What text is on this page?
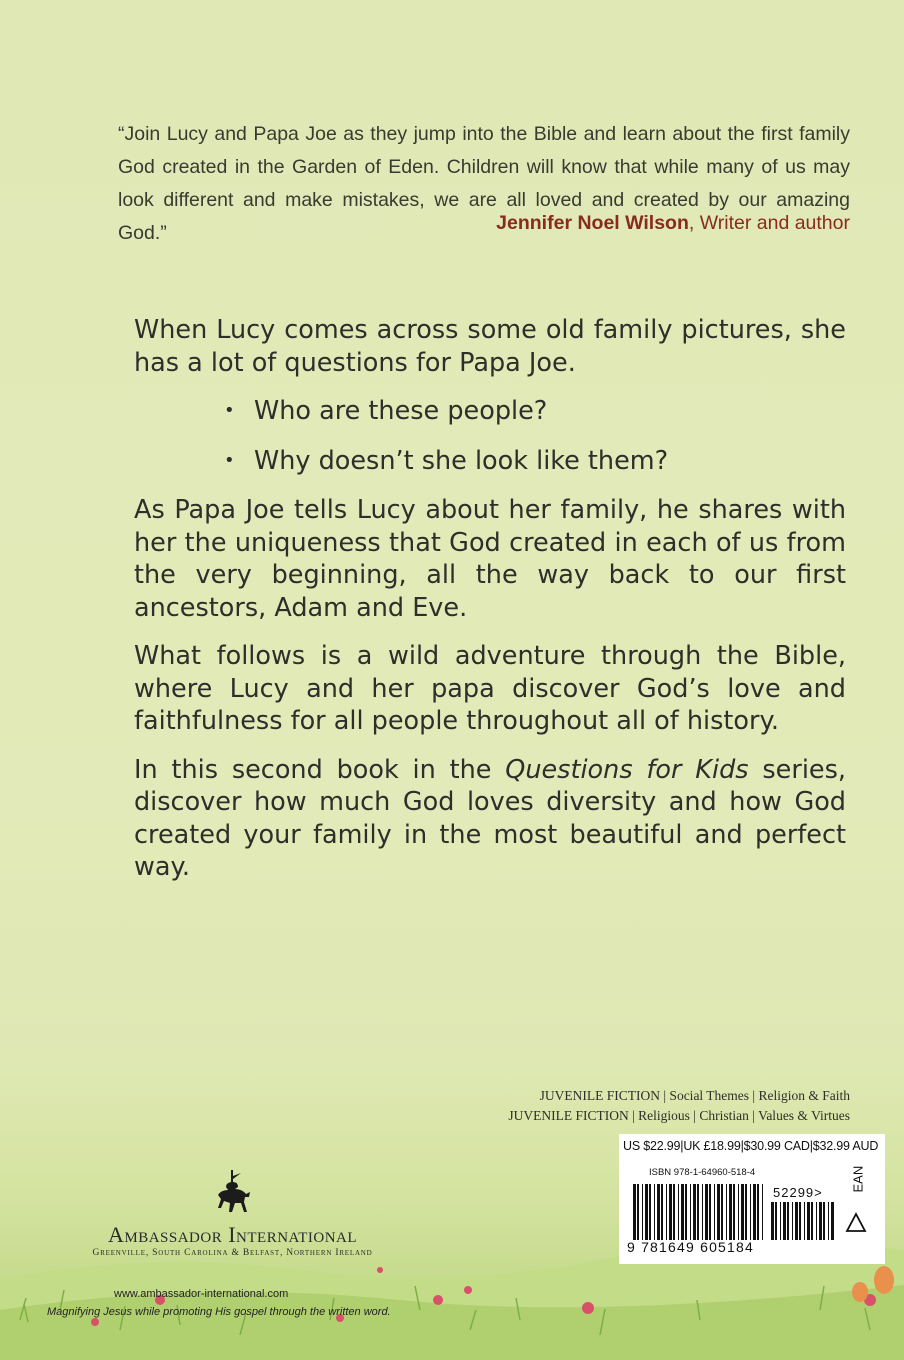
“Join Lucy and Papa Joe as they jump into the Bible and learn about the first family God created in the Garden of Eden. Children will know that while many of us may look different and make mistakes, we are all loved and created by our amazing God.”	Jennifer Noel Wilson, Writer and author

When Lucy comes across some old family pictures, she has a lot of questions for Papa Joe.

• Who are these people?
• Why doesn’t she look like them?

As Papa Joe tells Lucy about her family, he shares with her the uniqueness that God created in each of us from the very beginning, all the way back to our first ancestors, Adam and Eve.

What follows is a wild adventure through the Bible, where Lucy and her papa discover God’s love and faithfulness for all people throughout all of history.

In this second book in the Questions for Kids series, discover how much God loves diversity and how God created your family in the most beautiful and perfect way.

JUVENILE FICTION | Social Themes | Religion & Faith
JUVENILE FICTION | Religious | Christian | Values & Virtues
US $22.99|UK £18.99|$30.99 CAD|$32.99 AUD
ISBN 978-1-64960-518-4
52299> EAN
9 781649 605184
Ambassador International
Greenville, South Carolina & Belfast, Northern Ireland
www.ambassador-international.com
Magnifying Jesus while promoting His gospel through the written word.
